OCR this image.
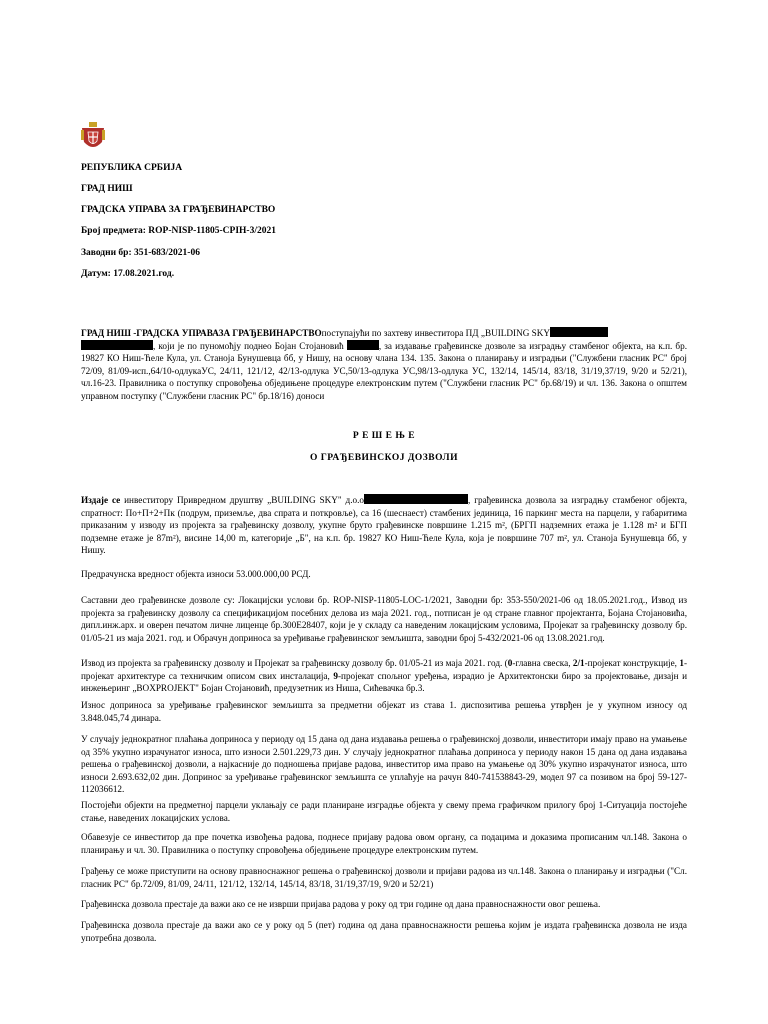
РЕПУБЛИКА СРБИЈА
ГРАД НИШ
ГРАДСКА УПРАВА ЗА ГРАЂЕВИНАРСТВО
Број предмета: ROP-NISP-11805-CPIH-3/2021
Заводни бр: 351-683/2021-06
Датум: 17.08.2021.год.
ГРАД НИШ -ГРАДСКА УПРАВАЗА ГРАЂЕВИНАРСТВОпоступајући по захтеву инвеститора ПД „BUILDING SKY
, који је по пуномоћју поднео Бојан Стојановић	, за издавање грађевинске дозволе за изградњу стамбеног објекта, на к.п. бр. 19827 КО Ниш-Ћеле Кула, ул. Станоја Бунушевца бб, у Нишу, на основу члана 134. 135. Закона о планирању и изградњи ("Службени гласник РС" број 72/09, 81/09-исп.,64/10-одлукаУС, 24/11, 121/12, 42/13-одлука УС,50/13-одлука УС,98/13-одлука УС, 132/14, 145/14, 83/18, 31/19,37/19, 9/20 и 52/21), чл.16-23. Правилника о поступку спровођења обједињене процедуре електронским путем ("Службени гласник РС" бр.68/19) и чл. 136. Закона о општем управном поступку ("Службени гласник РС" бр.18/16) доноси
Р Е Ш Е Њ Е
О ГРАЂЕВИНСКОЈ ДОЗВОЛИ
Издаје се инвеститору Привредном друштву „BUILDING SKY" д.о.о	, грађевинска дозвола за изградњу стамбеног објекта, спратност: По+П+2+Пк (подрум, приземље, два спрата и поткровље), са 16 (шеснаест) стамбених јединица, 16 паркинг места на парцели, у габаритима приказаним у изводу из пројекта за грађевинску дозволу, укупне бруто грађевинске површине 1.215 m², (БРГП надземних етажа је 1.128 m² и БГП подземне етаже је 87m²), висине 14,00 m, категорије „Б", на к.п. бр. 19827 КО Ниш-Ћеле Кула, која је површине 707 m², ул. Станоја Бунушевца бб, у Нишу.
Предрачунска вредност објекта износи 53.000.000,00 РСД.
Саставни део грађевинске дозволе су: Локацијски услови бр. ROP-NISP-11805-LOC-1/2021, Заводни бр: 353-550/2021-06 од 18.05.2021.год., Извод из пројекта за грађевинску дозволу са спецификацијом посебних делова из маја 2021. год., потписан је од стране главног пројектанта, Бојана Стојановића, дипл.инж.арх. и оверен печатом личне лиценце бр.300Е28407, који је у складу са наведеним локацијским условима, Пројекат за грађевинску дозволу бр. 01/05-21 из маја 2021. год. и Обрачун доприноса за уређивање грађевинског земљишта, заводни број 5-432/2021-06 од 13.08.2021.год.
Извод из пројекта за грађевинску дозволу и Пројекат за грађевинску дозволу бр. 01/05-21 из маја 2021. год. (0-главна свеска, 2/1-пројекат конструкције, 1-пројекат архитектуре са техничким описом свих инсталација, 9-пројекат спољног уређења, израдио је Архитектонски биро за пројектовање, дизајн и инжењеринг „BOXPROJEKT" Бојан Стојановић, предузетник из Ниша, Сићевачка бр.3.
Износ доприноса за уређивање грађевинског земљишта за предметни објекат из става 1. диспозитива решења утврђен је у укупном износу од 3.848.045,74 динара.
У случају једнократног плаћања доприноса у периоду од 15 дана од дана издавања решења о грађевинској дозволи, инвеститори имају право на умањење од 35% укупно израчунатог износа, што износи 2.501.229,73 дин. У случају једнократног плаћања доприноса у периоду након 15 дана од дана издавања решења о грађевинској дозволи, а најкасније до подношења пријаве радова, инвеститор има право на умањење од 30% укупно израчунатог износа, што износи 2.693.632,02 дин. Допринос за уређивање грађевинског земљишта се уплаћује на рачун 840-741538843-29, модел 97 са позивом на број 59-127-112036612.
Постојећи објекти на предметној парцели уклањају се ради планиране изградње објекта у свему према графичком прилогу број 1-Ситуација постојеће стање, наведених локацијских услова.
Обавезује се инвеститор да пре почетка извођења радова, поднесе пријаву радова овом органу, са подацима и доказима прописаним чл.148. Закона о планирању и чл. 30. Правилника о поступку спровођења обједињене процедуре електронским путем.
Грађењу се може приступити на основу правноснажног решења о грађевинској дозволи и пријави радова из чл.148. Закона о планирању и изградњи ("Сл. гласник РС" бр.72/09, 81/09, 24/11, 121/12, 132/14, 145/14, 83/18, 31/19,37/19, 9/20 и 52/21)
Грађевинска дозвола престаје да важи ако се не изврши пријава радова у року од три године од дана правноснажности овог решења.
Грађевинска дозвола престаје да важи ако се у року од 5 (пет) година од дана правноснажности решења којим је издата грађевинска дозвола не изда употребна дозвола.
